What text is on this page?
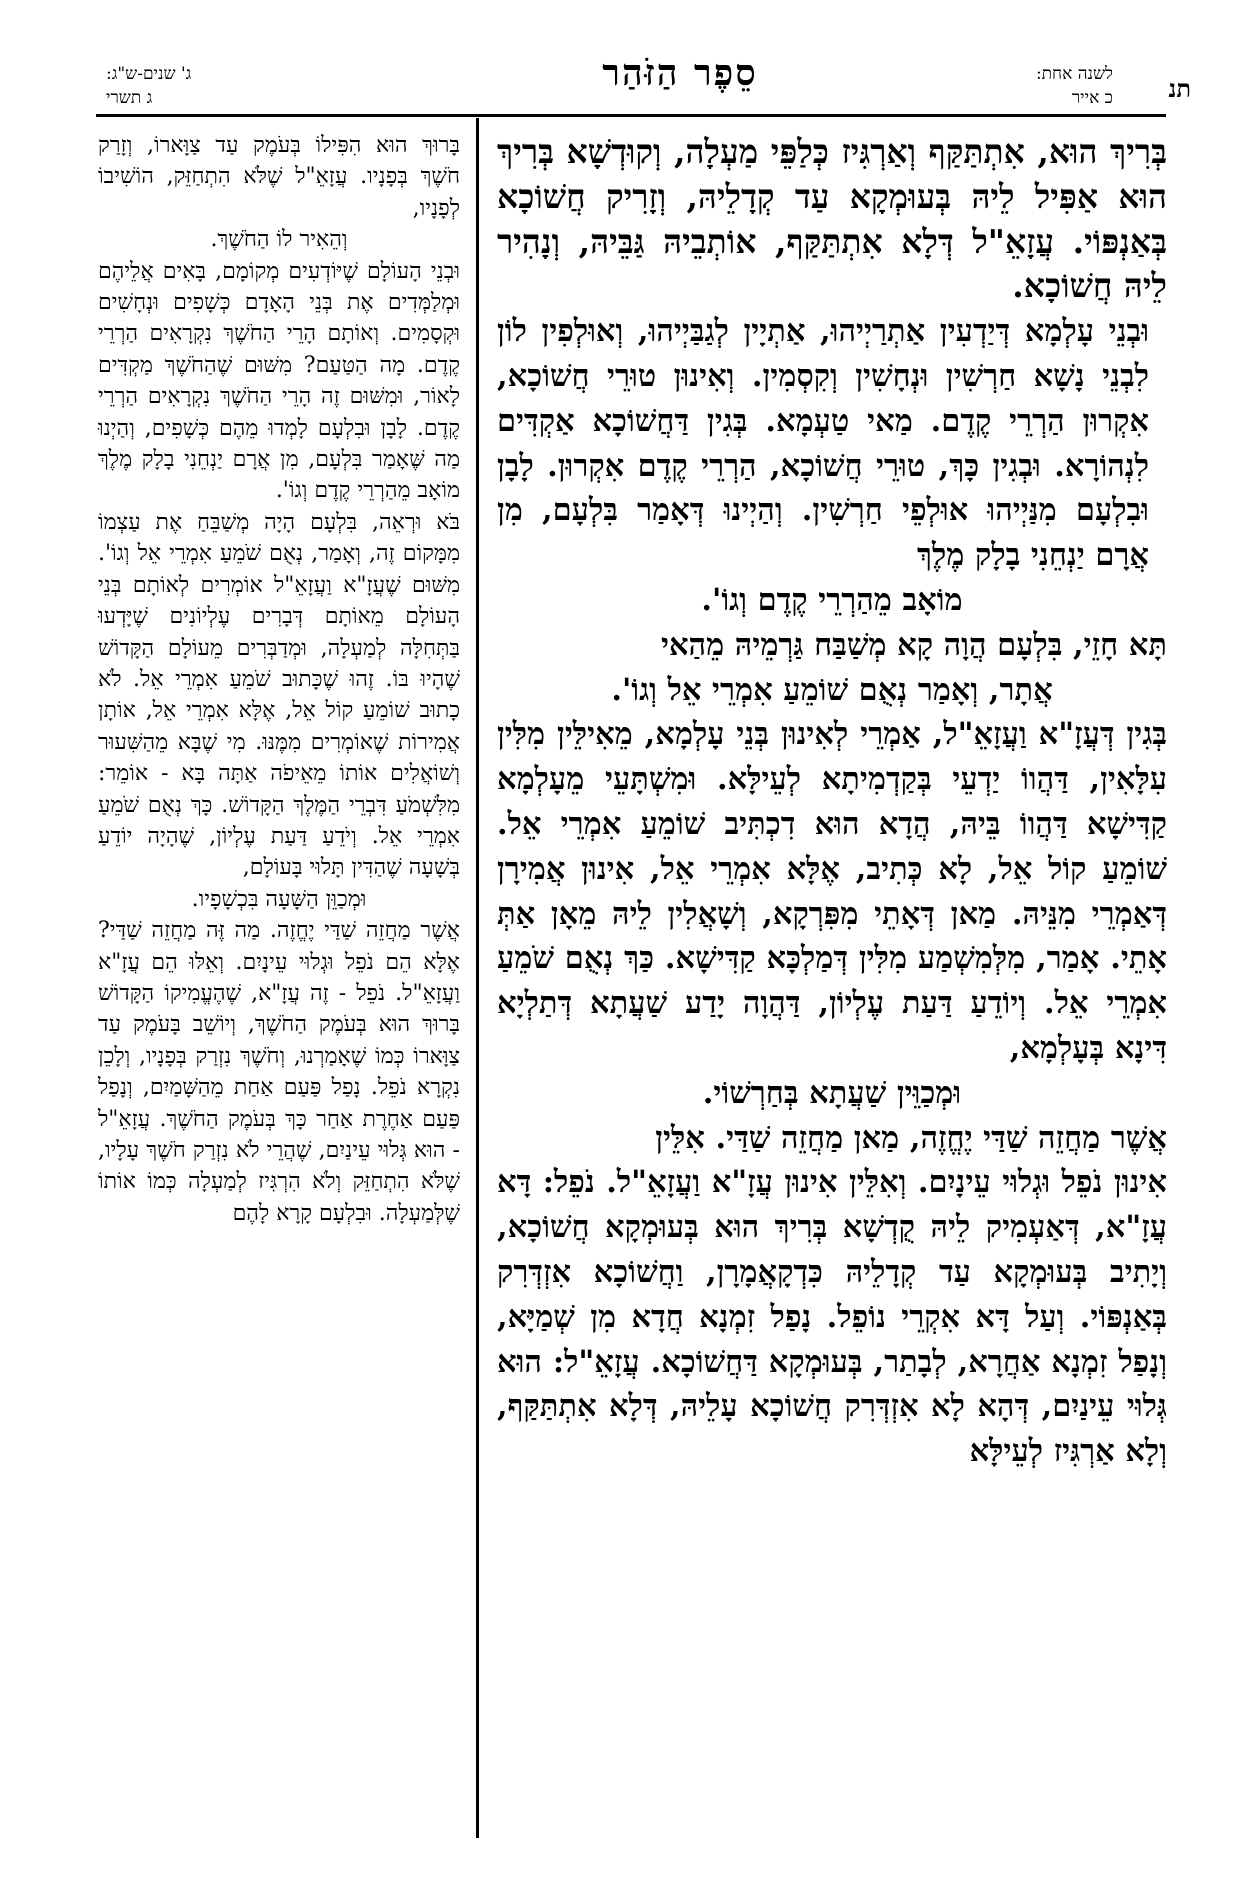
תנ
לשנה אחת:
כ אייר
סֵפֶר הַזֹּהַר
ג' שנים-ש"ג:
ג תשרי

בְּרִיךְ הוּא, אִתְתַּקַּף וְאַרְגִּיז כְּלַפֵּי מַעְלָה, וְקוּדְשָׁא בְּרִיךְ הוּא אַפִּיל לֵיהּ בְּעוּמְקָא עַד קְדָלֵיהּ, וְזָרִיק חֲשׁוֹכָא בְּאַנְפּוֹי. עֲזָאֵ"ל דְּלָא אִתְתַּקַּף, אוֹתְבֵיהּ גַּבֵּיהּ, וְנָהִיר לֵיהּ חֲשׁוֹכָא.

וּבְנֵי עָלְמָא דְּיַדְעִין אַתְרַיְיהוּ, אַתְיָין לְגַבַּיְיהוּ, וְאוּלְפִין לוֹן לִבְנֵי נָשָׁא חַרְשִׁין וּנְחָשִׁין וְקִסְמִין. וְאִינוּן טוּרֵי חֲשׁוֹכָא, אִקְרוּן הַרְרֵי קֶדֶם. מַאי טַעְמָא. בְּגִין דַּחֲשׁוֹכָא אַקְדִּים לִנְהוֹרָא. וּבְגִין כָּךְ, טוּרֵי חֲשׁוֹכָא, הַרְרֵי קֶדֶם אִקְרוּן. לָבָן וּבִלְעָם מִנַּיְיהוּ אוּלְפֵי חַרְשִׁין. וְהַיְינוּ דְּאָמַר בִּלְעָם, מִן אֲרָם יַנְחֵנִי בָלָק מֶלֶךְ

מוֹאָב מֵהַרְרֵי קֶדֶם וְגוֹ'.

תָּא חָזֵי, בִּלְעָם הֲוָה קָא מְשַׁבַּח גַּרְמֵיהּ מֵהַאי

אֲתָר, וְאָמַר נְאֻם שׁוֹמֵעַ אִמְרֵי אֵל וְגוֹ'.

בְּגִין דְּעֲזָ"א וַעֲזָאֵ"ל, אַמְרֵי לְאִינוּן בְּנֵי עָלְמָא, מֵאִילֵּין מִלִּין עִלָּאִין, דַּהֲווֹ יַדְעֵי בְּקַדְמִיתָא לְעֵילָּא. וּמִשְׁתָּעֵי מֵעָלְמָא קַדִּישָׁא דַּהֲווֹ בֵּיהּ, הֲדָא הוּא דִכְתִּיב שׁוֹמֵעַ אִמְרֵי אֵל. שׁוֹמֵעַ קוֹל אֵל, לָא כְּתִיב, אֶלָּא אִמְרֵי אֵל, אִינוּן אֲמִירָן דְּאַמְרֵי מִנֵּיהּ. מַאן דְּאָתֵי מִפִּרְקָא, וְשָׁאֲלִין לֵיהּ מֵאָן אַתְּ אָתֵי. אָמַר, מִלְּמִשְׁמַע מִלִּין דְּמַלְכָּא קַדִּישָׁא. כַּךְ נְאֻם שֹׁמֵעַ אִמְרֵי אֵל. וְיוֹדֵעַ דַּעַת עֶלְיוֹן, דַּהֲוָה יָדַע שַׁעֲתָא דְּתַלְיָא דִּינָא בְּעָלְמָא,

וּמְכַוֵּין שַׁעֲתָא בְּחַרְשׁוֹי.

אֲשֶׁר מַחֲזֵה שַׁדַּי יֶחֱזֶה, מַאן מַחֲזֵה שַׁדַּי. אִלֵּין

אִינוּן נֹפֵל וּגְלוּי עֵינָיִם. וְאִלֵּין אִינוּן עֲזָ"א וַעֲזָאֵ"ל. נֹפֵל: דָּא עֲזָ"א, דְּאַעְמִיק לֵיהּ קֻדְשָׁא בְּרִיךְ הוּא בְּעוּמְקָא חֲשׁוֹכָא, וְיָתִיב בְּעוּמְקָא עַד קְדָלֵיהּ כִּדְקָאֲמָרָן, וַחֲשׁוֹכָא אִזְדְּרִק בְּאַנְפּוֹי. וְעַל דָּא אִקְרֵי נוֹפֵל. נָפַל זִמְנָא חֲדָא מִן שְׁמַיָּא, וְנָפַל זִמְנָא אַחֲרָא, לְבָתַר, בְּעוּמְקָא דַּחֲשׁוֹכָא. עֲזָאֵ"ל: הוּא גְּלוּי עֵינַיִם, דְּהָא לָא אִזְדְּרִק חֲשׁוֹכָא עָלֵיהּ, דְּלָא אִתְתַּקַּף, וְלָא אַרְגִּיז לְעֵילָּא

בָּרוּךְ הוּא הִפִּילוֹ בְּעֹמֶק עַד צַוָּארוֹ, וְזָרַק חֹשֶׁךְ בְּפָנָיו. עֲזָאֵ"ל שֶׁלֹּא הִתְחַזֵּק, הוֹשִׁיבוֹ לְפָנָיו,

וְהֵאִיר לוֹ הַחֹשֶׁךְ.

וּבְנֵי הָעוֹלָם שֶׁיּוֹדְעִים מְקוֹמָם, בָּאִים אֲלֵיהֶם וּמְלַמְּדִים אֶת בְּנֵי הָאָדָם כְּשָׁפִים וּנְחָשִׁים וּקְסָמִים. וְאוֹתָם הָרֵי הַחֹשֶׁךְ נִקְרָאִים הַרְרֵי קֶדֶם. מָה הַטַּעַם? מִשּׁוּם שֶׁהַחֹשֶׁךְ מַקְדִּים לָאוֹר, וּמִשּׁוּם זֶה הָרֵי הַחֹשֶׁךְ נִקְרָאִים הַרְרֵי קֶדֶם. לָבָן וּבִלְעָם לָמְדוּ מֵהֶם כְּשָׁפִים, וְהַיְנוּ מַה שֶּׁאָמַר בִּלְעָם, מִן אֲרָם יַנְחֵנִי בָלָק מֶלֶךְ מוֹאָב מֵהַרְרֵי קֶדֶם וְגוֹ'.

בֹּא וּרְאֵה, בִּלְעָם הָיָה מְשַׁבֵּחַ אֶת עַצְמוֹ מִמָּקוֹם זֶה, וְאָמַר, נְאֻם שֹׁמֵעַ אִמְרֵי אֵל וְגוֹ'. מִשּׁוּם שֶׁעֲזָ"א וַעֲזָאֵ"ל אוֹמְרִים לְאוֹתָם בְּנֵי הָעוֹלָם מֵאוֹתָם דְּבָרִים עֶלְיוֹנִים שֶׁיָּדְעוּ בַּתְּחִלָּה לְמַעְלָה, וּמְדַבְּרִים מֵעוֹלָם הַקָּדוֹשׁ שֶׁהָיוּ בּוֹ. זֶהוּ שֶׁכָּתוּב שֹׁמֵעַ אִמְרֵי אֵל. לֹא כָתוּב שׁוֹמֵעַ קוֹל אֵל, אֶלָּא אִמְרֵי אֵל, אוֹתָן אֲמִירוֹת שֶׁאוֹמְרִים מִמֶּנּוּ. מִי שֶׁבָּא מֵהַשִּׁעוּר וְשׁוֹאֲלִים אוֹתוֹ מֵאֵיפֹה אַתָּה בָּא - אוֹמֵר: מִלִּשְׁמֹעַ דִּבְרֵי הַמֶּלֶךְ הַקָּדוֹשׁ. כָּךְ נְאֻם שֹׁמֵעַ אִמְרֵי אֵל. וְיֹדֵעַ דַּעַת עֶלְיוֹן, שֶׁהָיָה יוֹדֵעַ בְּשָׁעָה שֶׁהַדִּין תָּלוּי בָּעוֹלָם,

וּמְכַוֵּן הַשָּׁעָה בִּכְשָׁפָיו.

אֲשֶׁר מַחֲזֵה שַׁדַּי יֶחֱזֶה. מַה זֶּה מַחֲזֵה שַׁדַּי? אֶלָּא הֵם נֹפֵל וּגְלוּי עֵינָיִם. וְאֵלּוּ הֵם עֲזָ"א וַעֲזָאֵ"ל. נֹפֵל - זֶה עֲזָ"א, שֶׁהֶעֱמִיקוֹ הַקָּדוֹשׁ בָּרוּךְ הוּא בְּעֹמֶק הַחֹשֶׁךְ, וְיוֹשֵׁב בָּעֹמֶק עַד צַוָּארוֹ כְּמוֹ שֶׁאָמַרְנוּ, וְחֹשֶׁךְ נִזְרַק בְּפָנָיו, וְלָכֵן נִקְרָא נֹפֵל. נָפַל פַּעַם אַחַת מֵהַשָּׁמַיִם, וְנָפַל פַּעַם אַחֶרֶת אַחַר כָּךְ בְּעֹמֶק הַחֹשֶׁךְ. עֲזָאֵ"ל - הוּא גְּלוּי עֵינַיִם, שֶׁהֲרֵי לֹא נִזְרַק חֹשֶׁךְ עָלָיו, שֶׁלֹּא הִתְחַזֵּק וְלֹא הִרְגִּיז לְמַעְלָה כְּמוֹ אוֹתוֹ שֶׁלְּמַעְלָה. וּבִלְעָם קָרָא לָהֶם
